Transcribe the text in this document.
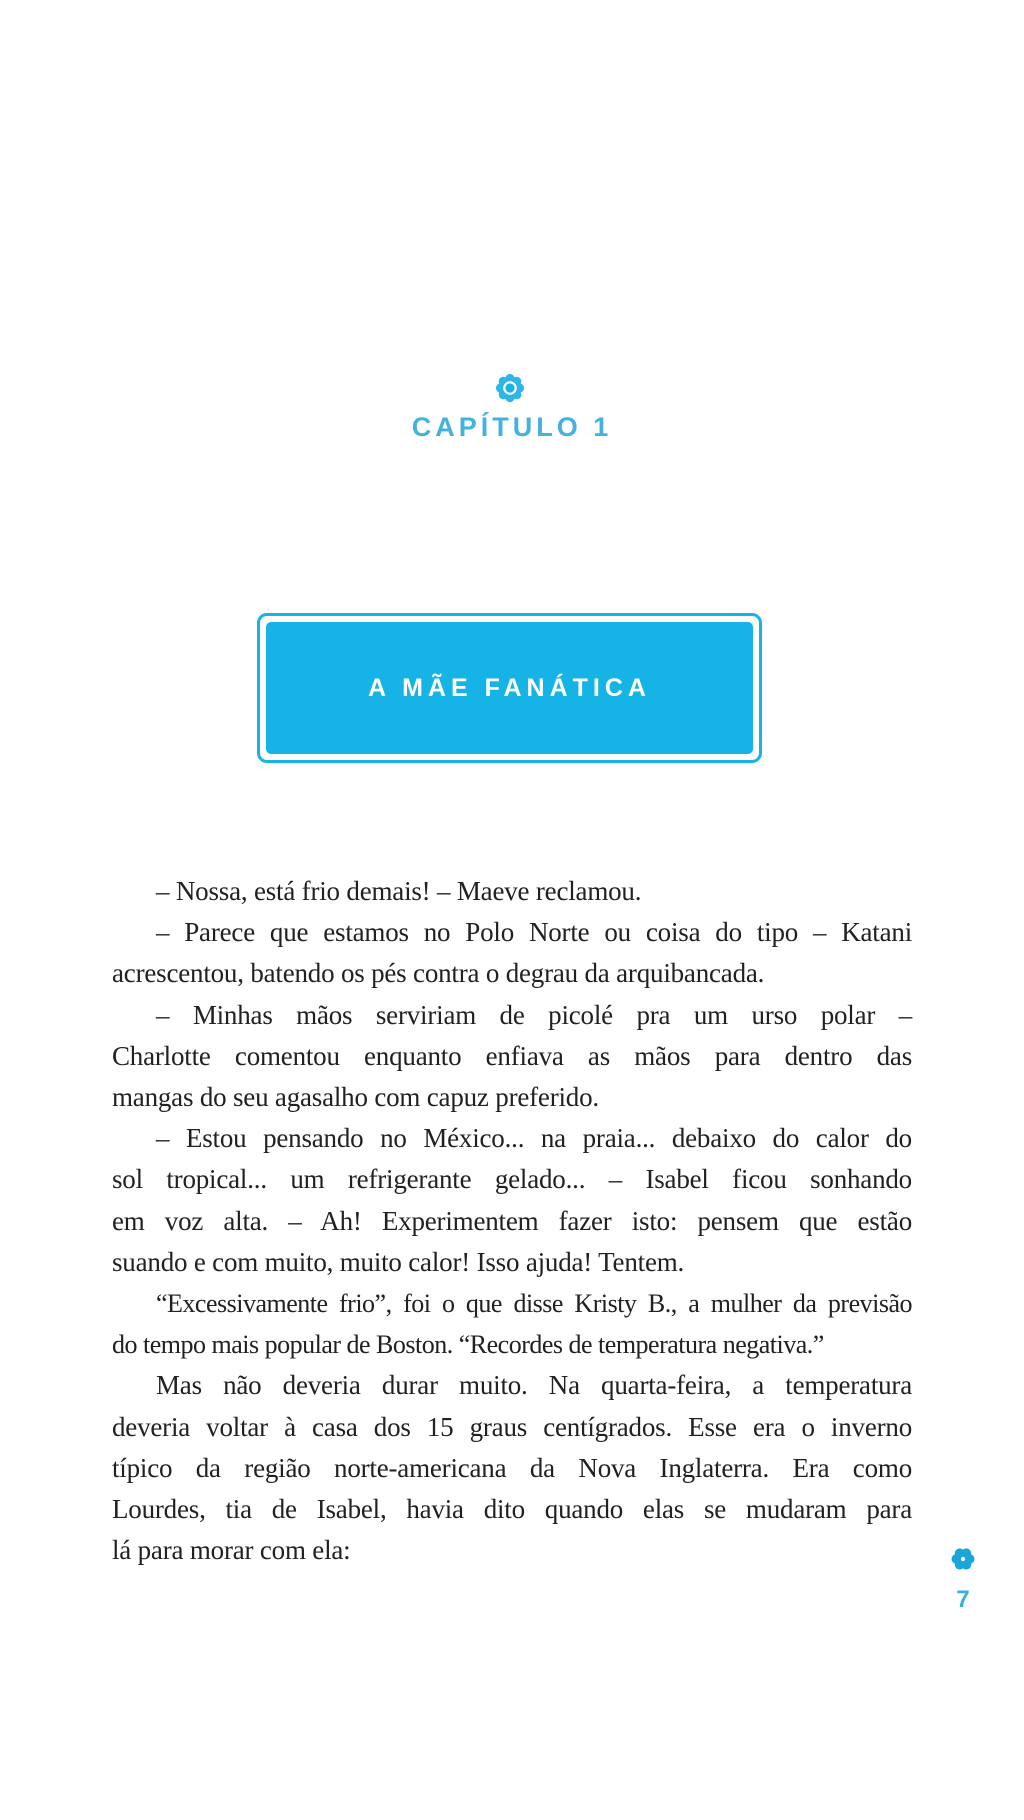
CAPÍTULO 1
A MÃE FANÁTICA
– Nossa, está frio demais! – Maeve reclamou.
– Parece que estamos no Polo Norte ou coisa do tipo – Katani
acrescentou, batendo os pés contra o degrau da arquibancada.
– Minhas mãos serviriam de picolé pra um urso polar –
Charlotte comentou enquanto enfiava as mãos para dentro das
mangas do seu agasalho com capuz preferido.
– Estou pensando no México... na praia... debaixo do calor do
sol tropical... um refrigerante gelado... – Isabel ficou sonhando
em voz alta. – Ah! Experimentem fazer isto: pensem que estão
suando e com muito, muito calor! Isso ajuda! Tentem.
“Excessivamente frio”, foi o que disse Kristy B., a mulher da previsão
do tempo mais popular de Boston. “Recordes de temperatura negativa.”
Mas não deveria durar muito. Na quarta-feira, a temperatura
deveria voltar à casa dos 15 graus centígrados. Esse era o inverno
típico da região norte-americana da Nova Inglaterra. Era como
Lourdes, tia de Isabel, havia dito quando elas se mudaram para
lá para morar com ela:
7
